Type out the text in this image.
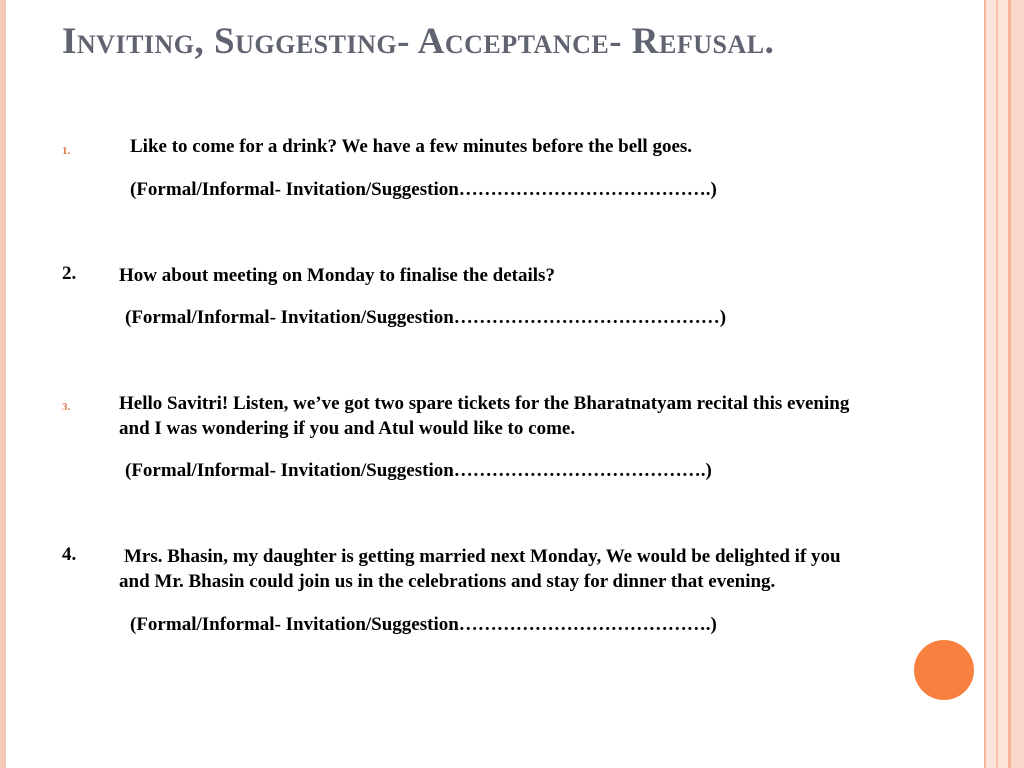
Inviting, Suggesting- Acceptance- Refusal.
1.	Like to come for a drink? We have a few minutes before the bell goes.
(Formal/Informal- Invitation/Suggestion………………………………….)
2. How about meeting on Monday to finalise the details?
(Formal/Informal- Invitation/Suggestion……………………………………)
3.	Hello Savitri! Listen, we’ve got two spare tickets for the Bharatnatyam recital this evening
and I was wondering if you and Atul would like to come.
(Formal/Informal- Invitation/Suggestion………………………………….)
4.	Mrs. Bhasin, my daughter is getting married next Monday, We would be delighted if you
and Mr. Bhasin could join us in the celebrations and stay for dinner that evening.
(Formal/Informal- Invitation/Suggestion………………………………….)
